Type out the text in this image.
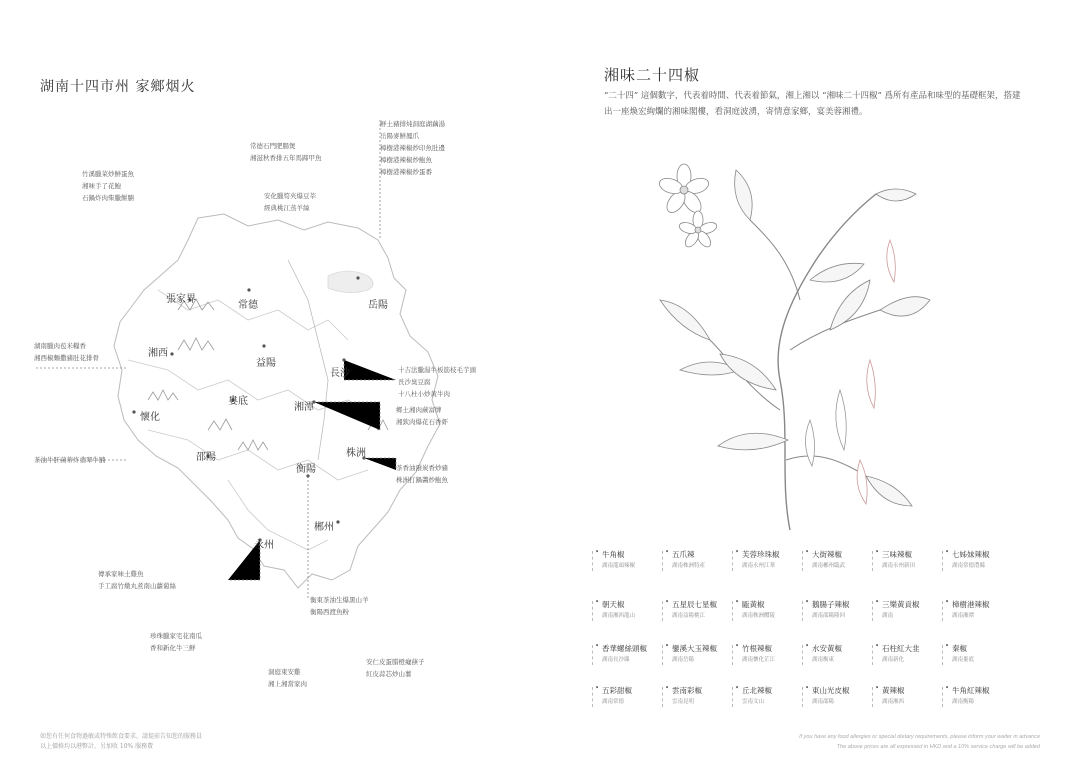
湖南十四市州 家鄉烟火
張家界
常德	岳陽
湘西
益陽
長沙
婁底
懷化
湘潭
株洲
邵陽
衡陽
郴州
永州
鮮土豬排炖洞庭湖藕湯
岳陽麥鮮鳳爪
樟樹港辣椒炒印魚肚邊
樟樹港辣椒炒鮑魚
樟樹港辣椒炒蛋番
常德石門肥腸煲
湘滋秋香排五年馬蹄甲魚
安化臘筍夾爆豆莘
經典桃江蒸羊絲
竹溪臘菜炒鮮蛋魚
湘味手了花鮑
石鍋炸肉柴臘餅腩
湖南臘肉苞米糧香
湘西椒麵撒豬肚花排骨
十吉法臘湯牛板筋枝毛芋頭
長沙臭豆腐
十八杜小炒黃牛肉
鄉土湘肉蕨富牌
湘欽肉爆花石香虾
茶油牛肝菌蒂炸翡翠牛腩
茶香油潑炭香炒豬
株洲打鍋醬炒鮑魚
傳承家味土雞魚
手工腐竹燉丸煮南山蘿蔔絲
衡東茶油生爆黑山羊
衡陽西渡魚粉
珍珠臘家宅花南瓜
香和新化牛三鮮
洞庭東安雞
湘上湘當家肉
安仁皮蛋腊橙癡蕻子
紅皮蒜芯炒山薯
如您有任何食物過敏或特殊飲食要求，請提前告知您的服務員
以上價格均以港幣計，另加收 10% 服務費
湘味二十四椒
“二十四” 這個數字，代表着時間、代表着節氣，湘上湘以 “湘味二十四椒” 爲所有產品和味型的基礎框架，搭建出一座煥宏絢爛的湘味閣樓，看洞庭波湧，寄情意家鄉，宴美蓉湘禮。
• 牛角椒
湖南龍頭辣椒
• 五爪辣
湖南株洲特產
• 芙蓉珍珠椒
湖南永州江華
• 大街辣椒
湖南郴州臨武
• 三味辣椒
湖南永州新田
• 七姊妹辣椒
湖南常德澧縣
• 朝天椒
湖南湘西龍山
• 五星辰七星椒
湖南益陽桃江
• 甌黃椒
湖南株洲醴陵
• 鵝腸子辣椒
湖南邵陽隆回
• 三樂黃貢椒
湖南
• 樟樹港辣椒
湖南湘潭
• 香華螺絲頭椒
湖南長沙縣
• 鑾溪大玉辣椒
湖南岳陽
• 竹根辣椒
湖南懷化芷江
• 水安黃椒
湖南衡東
• 石柱紅大韭
湖南新化
• 秦椒
湖南婁底
• 五彩甜椒
湖南常德
• 雲南彩椒
雲南昆明
• 丘北辣椒
雲南文山
• 東山光皮椒
湖南邵陽
• 黃辣椒
湖南湘西
• 牛角紅辣椒
湖南衡陽
If you have any food allergies or special dietary requirements, please inform your waiter in advance
The above prices are all expressed in HKD and a 10% service charge will be added
